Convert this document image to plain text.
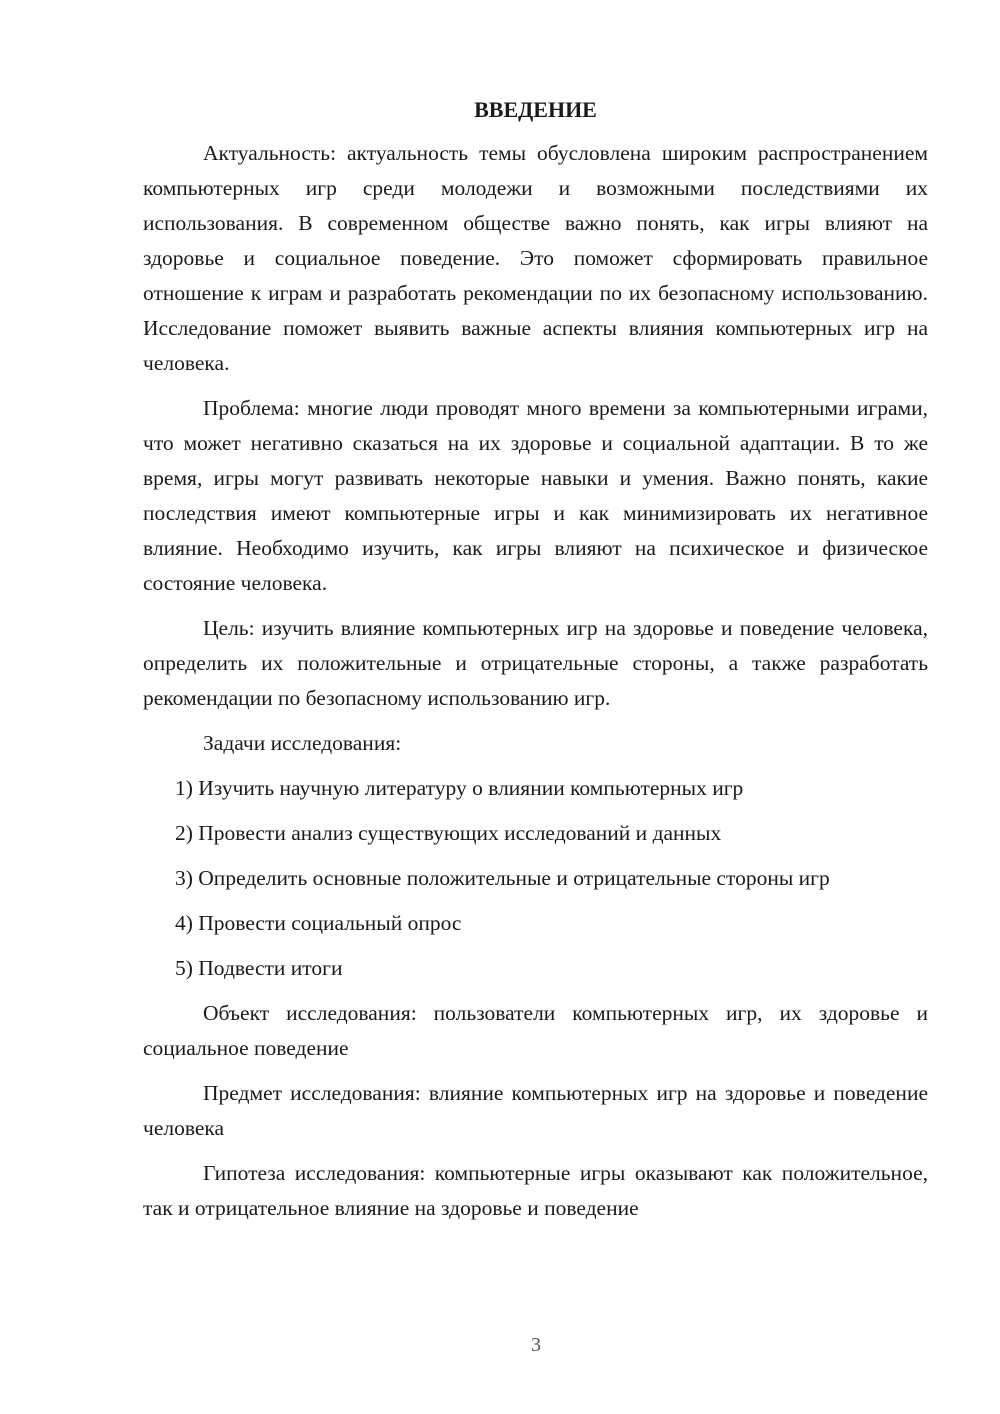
ВВЕДЕНИЕ

Актуальность: актуальность темы обусловлена широким распространением компьютерных игр среди молодежи и возможными последствиями их использования. В современном обществе важно понять, как игры влияют на здоровье и социальное поведение. Это поможет сформировать правильное отношение к играм и разработать рекомендации по их безопасному использованию. Исследование поможет выявить важные аспекты влияния компьютерных игр на человека.

Проблема: многие люди проводят много времени за компьютерными играми, что может негативно сказаться на их здоровье и социальной адаптации. В то же время, игры могут развивать некоторые навыки и умения. Важно понять, какие последствия имеют компьютерные игры и как минимизировать их негативное влияние. Необходимо изучить, как игры влияют на психическое и физическое состояние человека.

Цель: изучить влияние компьютерных игр на здоровье и поведение человека, определить их положительные и отрицательные стороны, а также разработать рекомендации по безопасному использованию игр.

Задачи исследования:

1) Изучить научную литературу о влиянии компьютерных игр

2) Провести анализ существующих исследований и данных

3) Определить основные положительные и отрицательные стороны игр

4) Провести социальный опрос

5) Подвести итоги

Объект исследования: пользователи компьютерных игр, их здоровье и социальное поведение

Предмет исследования: влияние компьютерных игр на здоровье и поведение человека

Гипотеза исследования: компьютерные игры оказывают как положительное, так и отрицательное влияние на здоровье и поведение

3
